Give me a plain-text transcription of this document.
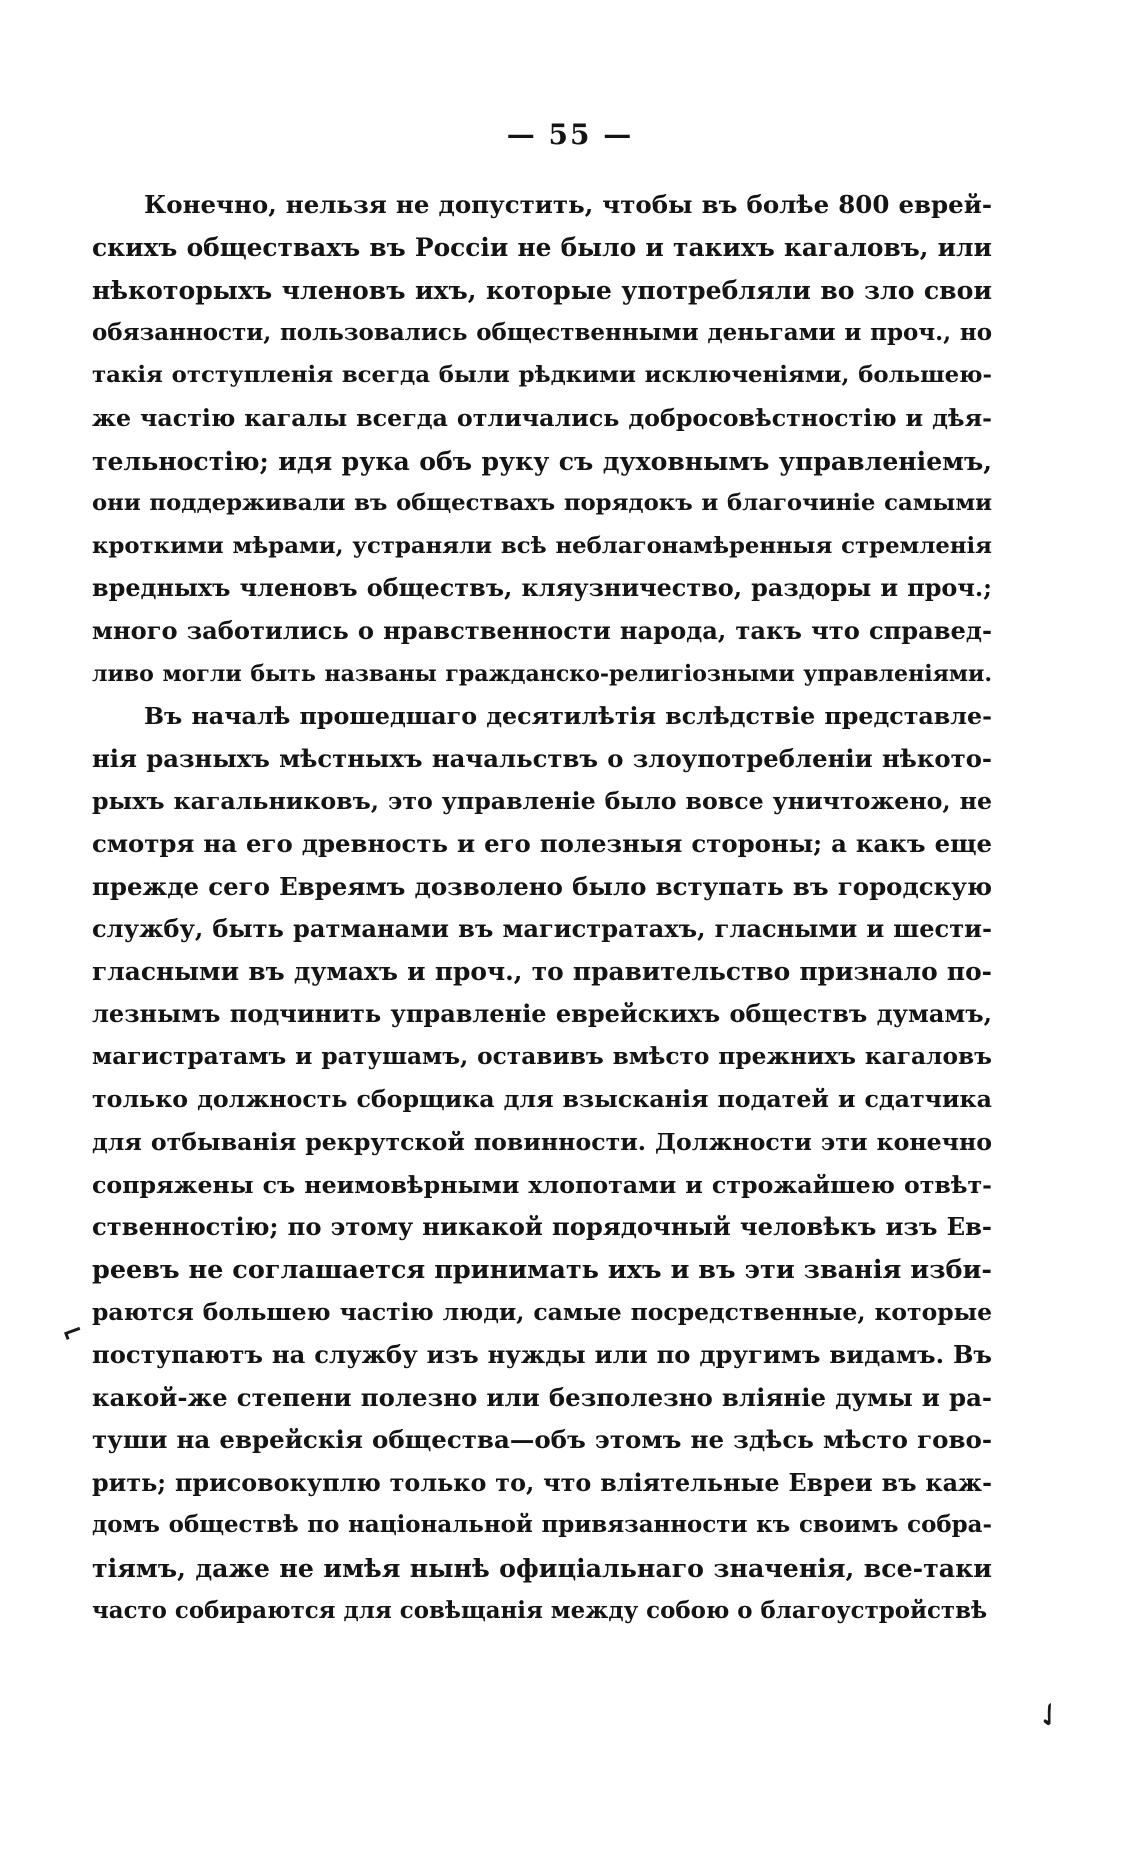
— 55 —
Конечно, нельзя не допустить, чтобы въ болѣе 800 еврей-
скихъ обществахъ въ Россіи не было и такихъ кагаловъ, или
нѣкоторыхъ членовъ ихъ, которые употребляли во зло свои
обязанности, пользовались общественными деньгами и проч., но
такія отступленія всегда были рѣдкими исключеніями, большею-
же частію кагалы всегда отличались добросовѣстностію и дѣя-
тельностію; идя рука объ руку съ духовнымъ управленіемъ,
они поддерживали въ обществахъ порядокъ и благочиніе самыми
кроткими мѣрами, устраняли всѣ неблагонамѣренныя стремленія
вредныхъ членовъ обществъ, кляузничество, раздоры и проч.;
много заботились о нравственности народа, такъ что справед-
ливо могли быть названы гражданско-религіозными управленіями.
Въ началѣ прошедшаго десятилѣтія вслѣдствіе представле-
нія разныхъ мѣстныхъ начальствъ о злоупотребленіи нѣкото-
рыхъ кагальниковъ, это управленіе было вовсе уничтожено, не
смотря на его древность и его полезныя стороны; а какъ еще
прежде сего Евреямъ дозволено было вступать въ городскую
службу, быть ратманами въ магистратахъ, гласными и шести-
гласными въ думахъ и проч., то правительство признало по-
лезнымъ подчинить управленіе еврейскихъ обществъ думамъ,
магистратамъ и ратушамъ, оставивъ вмѣсто прежнихъ кагаловъ
только должность сборщика для взысканія податей и сдатчика
для отбыванія рекрутской повинности. Должности эти конечно
сопряжены съ неимовѣрными хлопотами и строжайшею отвѣт-
ственностію; по этому никакой порядочный человѣкъ изъ Ев-
реевъ не соглашается принимать ихъ и въ эти званія изби-
раются большею частію люди, самые посредственные, которые
поступаютъ на службу изъ нужды или по другимъ видамъ. Въ
какой-же степени полезно или безполезно вліяніе думы и ра-
туши на еврейскія общества—объ этомъ не здѣсь мѣсто гово-
рить; присовокуплю только то, что вліятельные Евреи въ каж-
домъ обществѣ по національной привязанности къ своимъ собра-
тіямъ, даже не имѣя нынѣ офиціальнаго значенія, все-таки
часто собираются для совѣщанія между собою о благоустройствѣ
⌐
✓
